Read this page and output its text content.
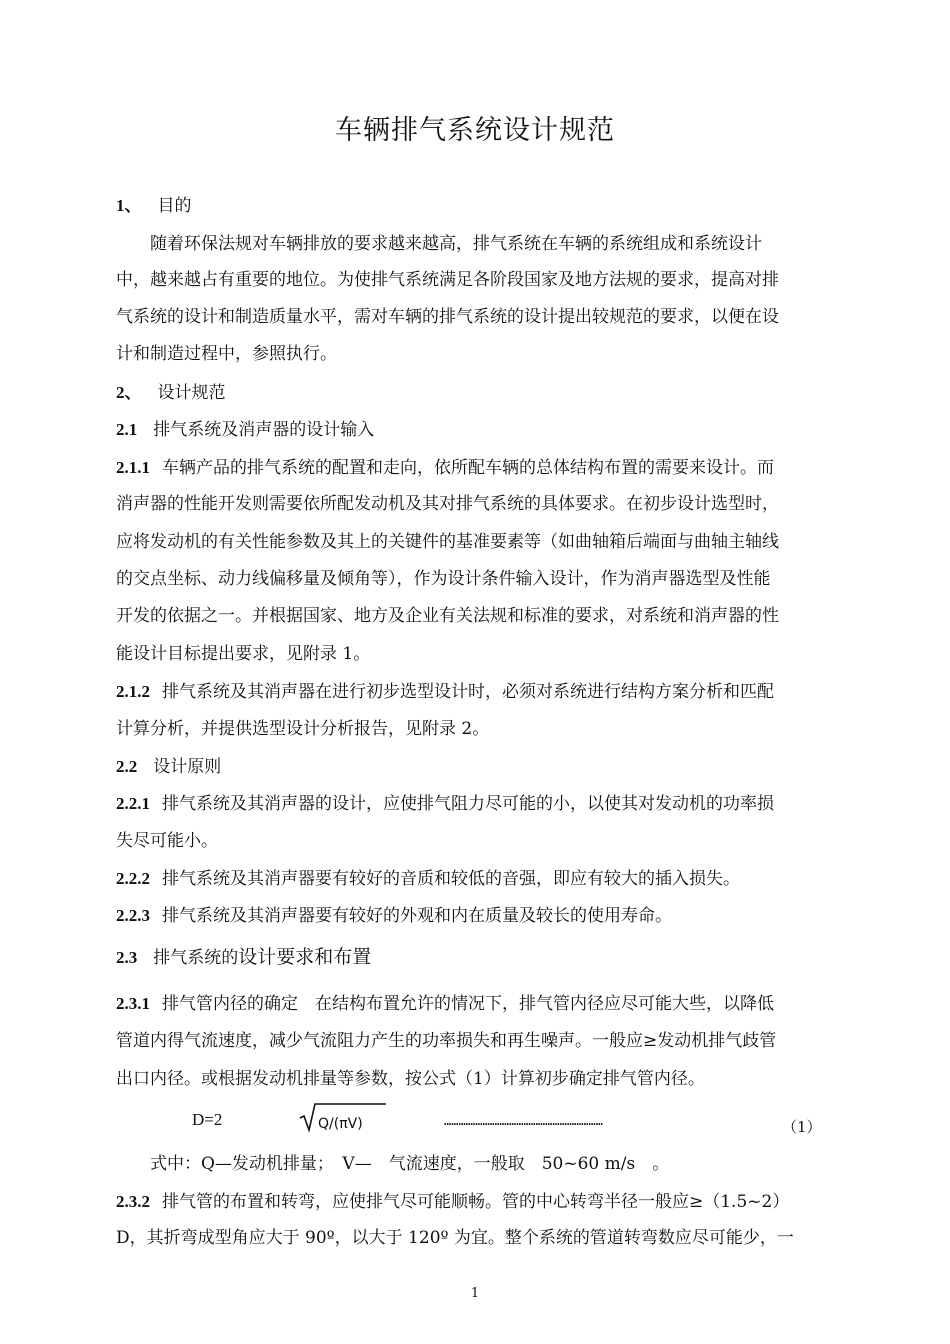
车辆排气系统设计规范
1、 目的
　　随着环保法规对车辆排放的要求越来越高，排气系统在车辆的系统组成和系统设计
中，越来越占有重要的地位。为使排气系统满足各阶段国家及地方法规的要求，提高对排
气系统的设计和制造质量水平，需对车辆的排气系统的设计提出较规范的要求，以便在设
计和制造过程中，参照执行。
2、 设计规范
2.1 排气系统及消声器的设计输入
2.1.1 车辆产品的排气系统的配置和走向，依所配车辆的总体结构布置的需要来设计。而
消声器的性能开发则需要依所配发动机及其对排气系统的具体要求。在初步设计选型时，
应将发动机的有关性能参数及其上的关键件的基准要素等（如曲轴箱后端面与曲轴主轴线
的交点坐标、动力线偏移量及倾角等），作为设计条件输入设计，作为消声器选型及性能
开发的依据之一。并根据国家、地方及企业有关法规和标准的要求，对系统和消声器的性
能设计目标提出要求，见附录 1。
2.1.2 排气系统及其消声器在进行初步选型设计时，必须对系统进行结构方案分析和匹配
计算分析，并提供选型设计分析报告，见附录 2。
2.2 设计原则
2.2.1 排气系统及其消声器的设计，应使排气阻力尽可能的小，以使其对发动机的功率损
失尽可能小。
2.2.2 排气系统及其消声器要有较好的音质和较低的音强，即应有较大的插入损失。
2.2.3 排气系统及其消声器要有较好的外观和内在质量及较长的使用寿命。
2.3 排气系统的设计要求和布置
2.3.1 排气管内径的确定　在结构布置允许的情况下，排气管内径应尽可能大些，以降低
管道内得气流速度，减少气流阻力产生的功率损失和再生噪声。一般应≥发动机排气歧管
出口内径。或根据发动机排量等参数，按公式（1）计算初步确定排气管内径。
D=2	Q/(πV)	…………………………………………………………	（1）
　　式中：Q—发动机排量；　V—　气流速度，一般取　50~60 m/s　。
2.3.2 排气管的布置和转弯，应使排气尽可能顺畅。管的中心转弯半径一般应≥（1.5~2）
D，其折弯成型角应大于 90º，以大于 120º 为宜。整个系统的管道转弯数应尽可能少，一
1
